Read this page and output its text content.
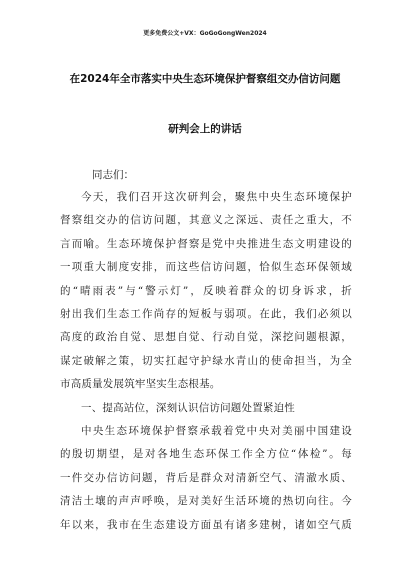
更多免费公文+VX：GoGoGongWen2024
在2024年全市落实中央生态环境保护督察组交办信访问题
研判会上的讲话
同志们：
今天，我们召开这次研判会，聚焦中央生态环境保护
督察组交办的信访问题，其意义之深远、责任之重大，不
言而喻。生态环境保护督察是党中央推进生态文明建设的
一项重大制度安排，而这些信访问题，恰似生态环保领域
的“晴雨表”与“警示灯”，反映着群众的切身诉求，折
射出我们生态工作尚存的短板与弱项。在此，我们必须以
高度的政治自觉、思想自觉、行动自觉，深挖问题根源，
谋定破解之策，切实扛起守护绿水青山的使命担当，为全
市高质量发展筑牢坚实生态根基。
一、提高站位，深刻认识信访问题处置紧迫性
中央生态环境保护督察承载着党中央对美丽中国建设
的殷切期望，是对各地生态环保工作全方位“体检”。每
一件交办信访问题，背后是群众对清新空气、清澈水质、
清洁土壤的声声呼唤，是对美好生活环境的热切向往。今
年以来，我市在生态建设方面虽有诸多建树，诸如空气质
